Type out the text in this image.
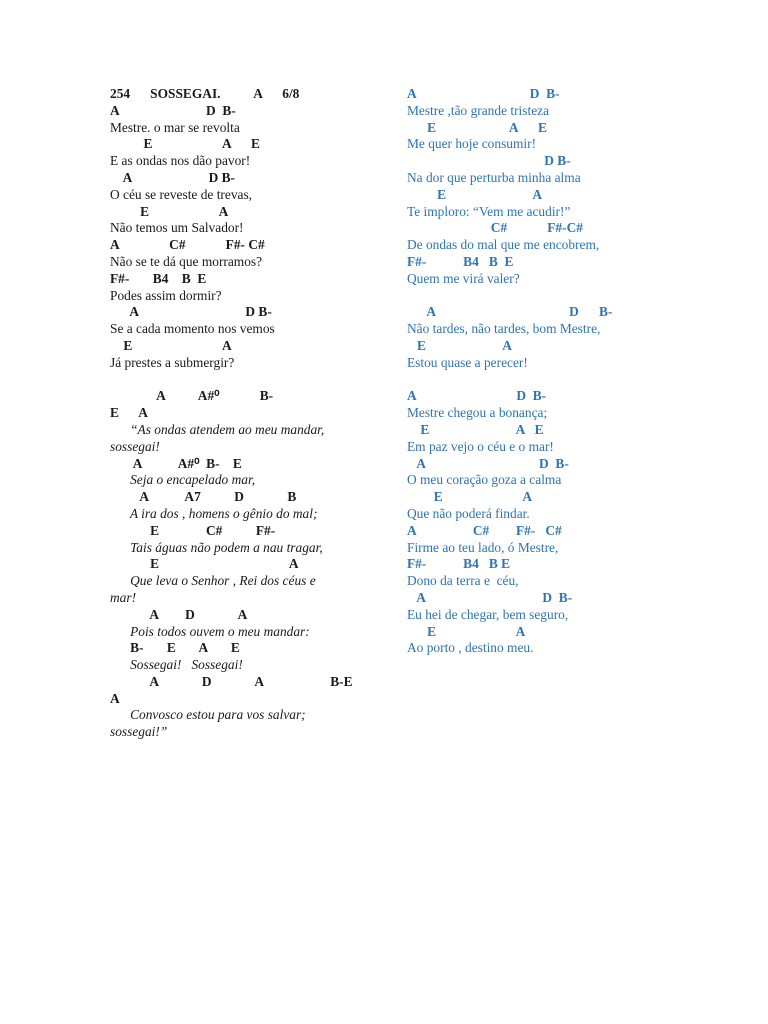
254      SOSSEGAI.          A      6/8
A                          D  B-
Mestre. o mar se revolta
E                     A      E
E as ondas nos dão pavor!
A                       D B-
O céu se reveste de trevas,
E                     A
Não temos um Salvador!
A               C#            F#- C#
Não se te dá que morramos?
F#-       B4    B  E
Podes assim dormir?
A                                D B-
Se a cada momento nos vemos
E                           A
Já prestes a submergir?
A          A#⁰            B-
E      A
“As ondas atendem ao meu mandar,
sossegai!
A           A#⁰  B-    E
Seja o encapelado mar,
A           A7          D             B
A ira dos , homens o gênio do mal;
E              C#          F#-
Tais águas não podem a nau tragar,
E                                       A
Que leva o Senhor , Rei dos céus e
mar!
A        D             A
Pois todos ouvem o meu mandar:
B-       E       A       E
Sossegai!   Sossegai!
A             D             A                    B-E
A
Convosco estou para vos salvar;
sossegai!”
A                                  D  B-
Mestre ,tão grande tristeza
E                      A      E
Me quer hoje consumir!
D B-
Na dor que perturba minha alma
E                          A
Te imploro: “Vem me acudir!”
C#            F#-C#
De ondas do mal que me encobrem,
F#-           B4   B  E
Quem me virá valer?
A                                        D      B-
Não tardes, não tardes, bom Mestre,
E                       A
Estou quase a perecer!
A                              D  B-
Mestre chegou a bonança;
E                          A   E
Em paz vejo o céu e o mar!
A                                  D  B-
O meu coração goza a calma
E                        A
Que não poderá findar.
A                 C#        F#-   C#
Firme ao teu lado, ó Mestre,
F#-           B4   B E
Dono da terra e  céu,
A                                   D  B-
Eu hei de chegar, bem seguro,
E                        A
Ao porto , destino meu.
